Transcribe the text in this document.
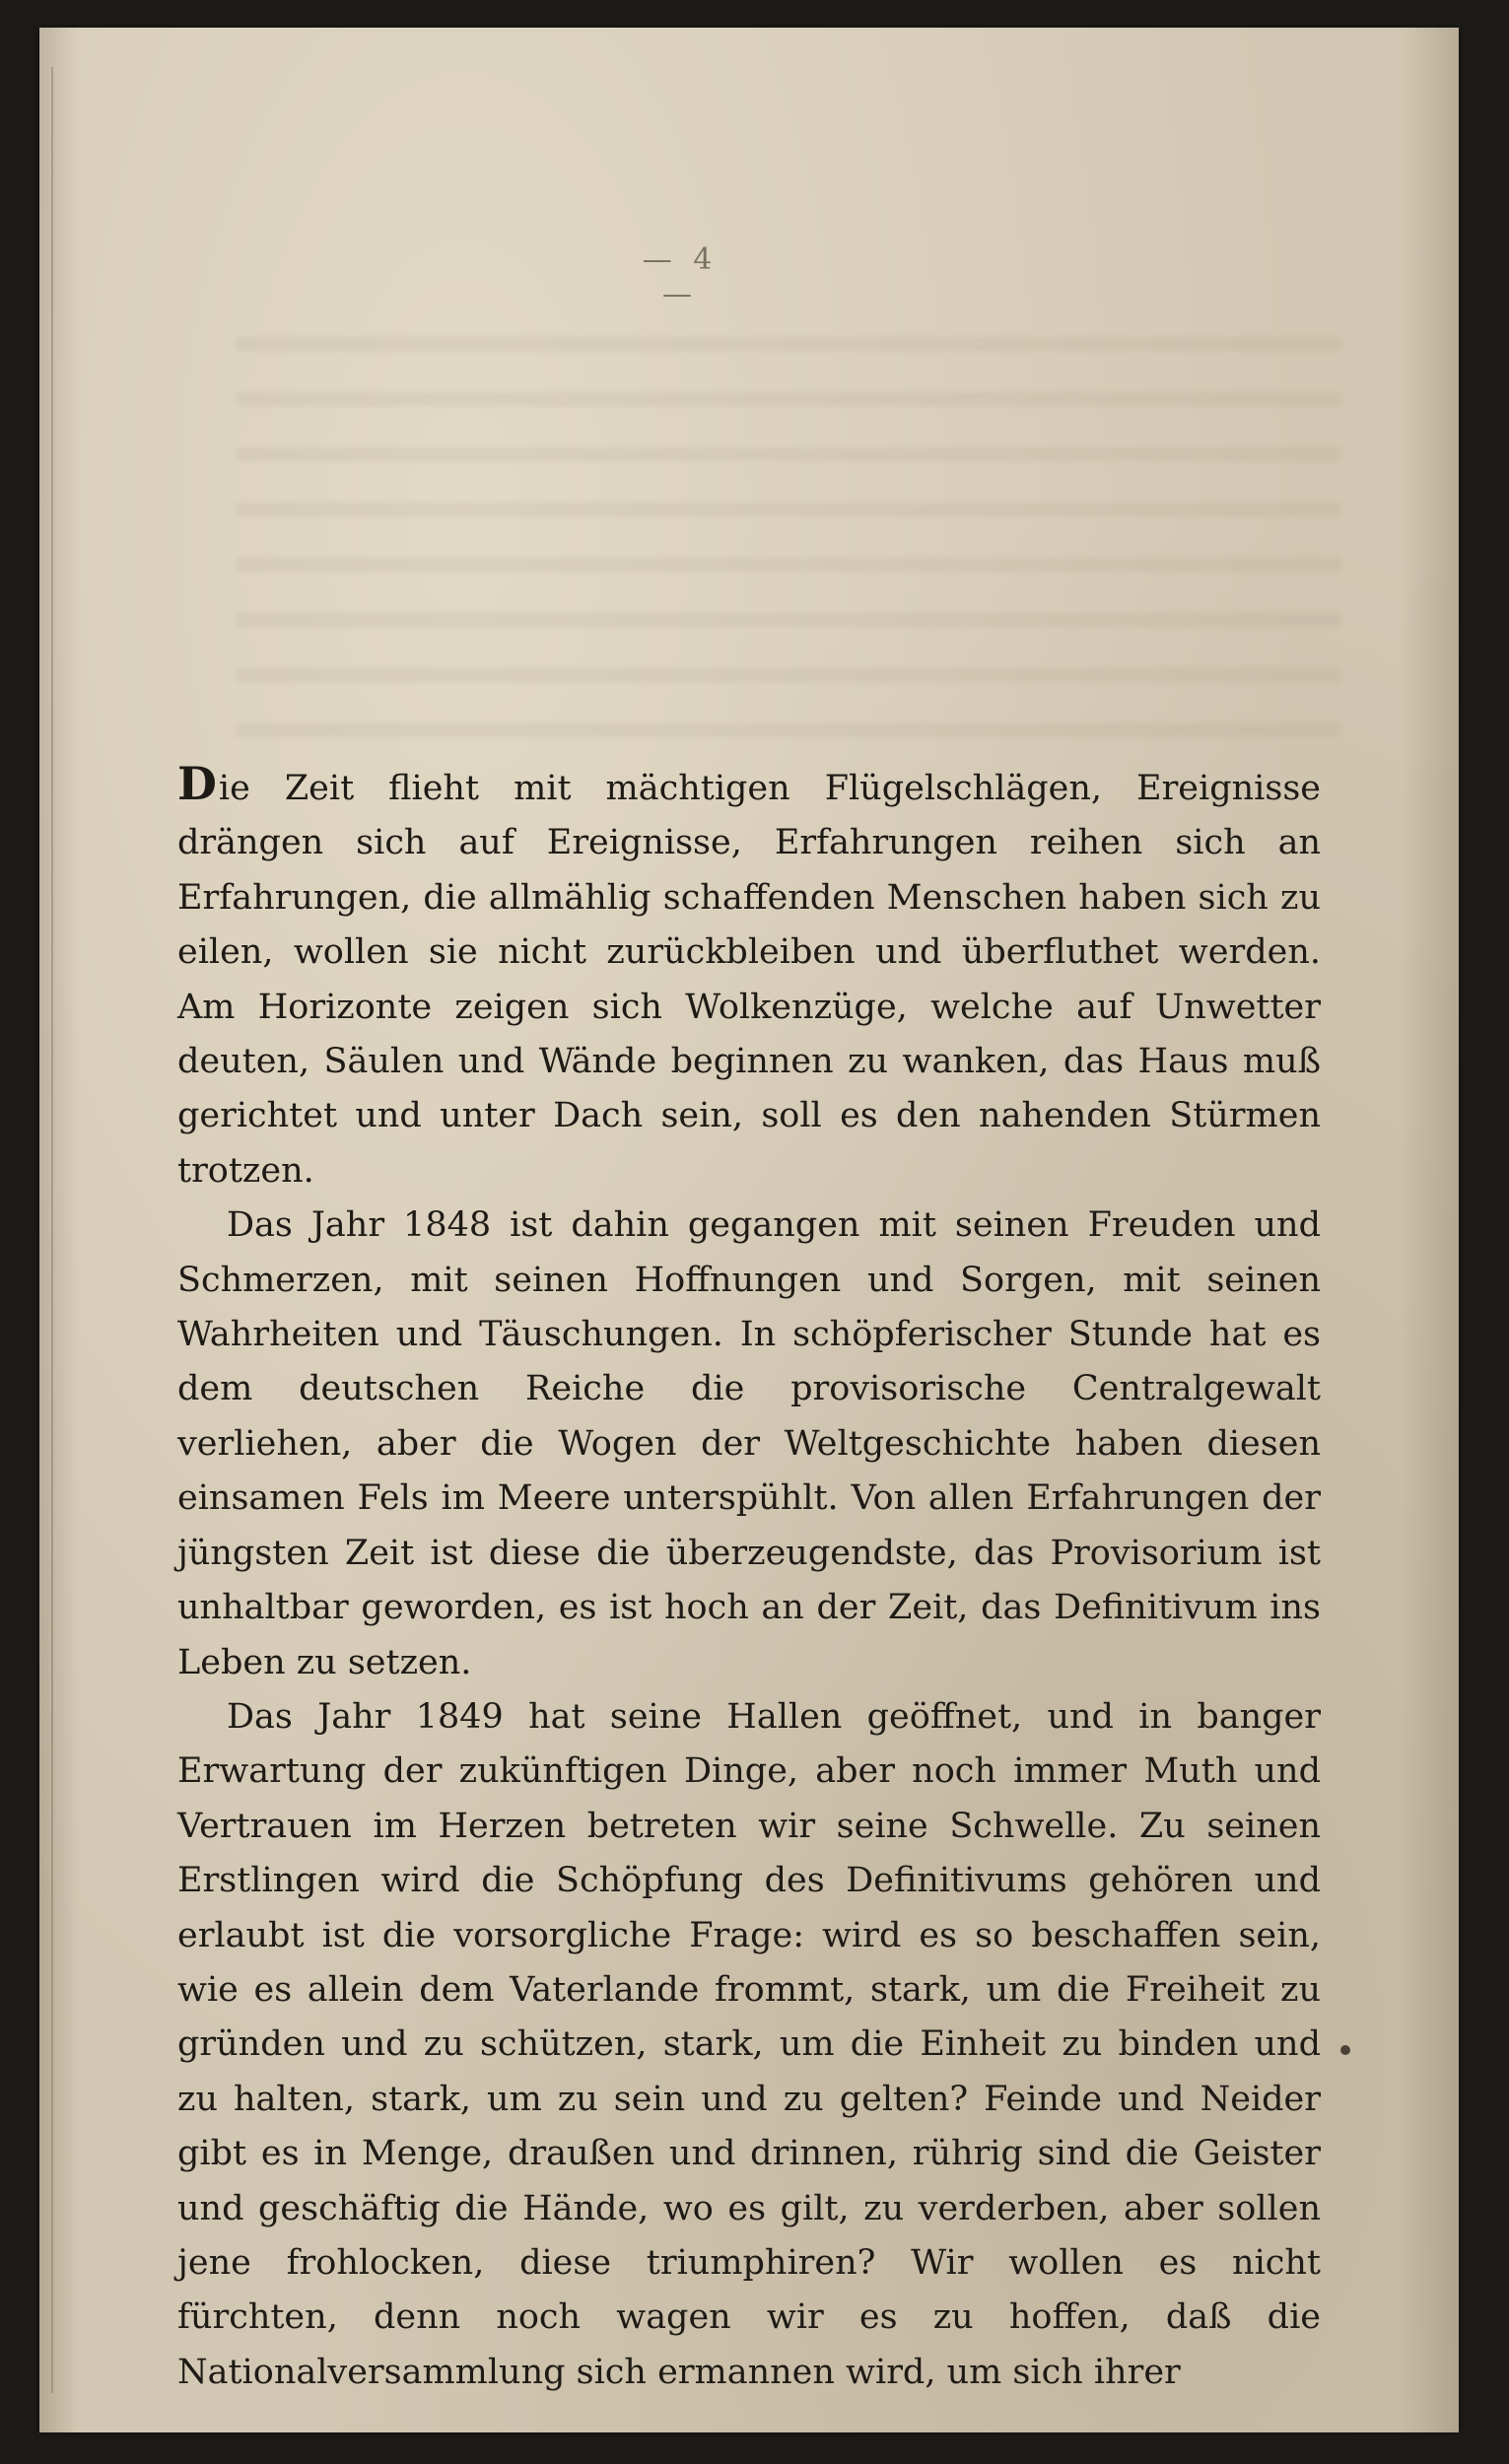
— 4 —

Die Zeit flieht mit mächtigen Flügelschlägen, Ereignisse drängen sich auf Ereignisse, Erfahrungen reihen sich an Erfahrungen, die allmählig schaffenden Menschen haben sich zu eilen, wollen sie nicht zurückbleiben und überfluthet werden. Am Horizonte zeigen sich Wolkenzüge, welche auf Unwetter deuten, Säulen und Wände beginnen zu wanken, das Haus muß gerichtet und unter Dach sein, soll es den nahenden Stürmen trotzen.

Das Jahr 1848 ist dahin gegangen mit seinen Freuden und Schmerzen, mit seinen Hoffnungen und Sorgen, mit seinen Wahrheiten und Täuschungen. In schöpferischer Stunde hat es dem deutschen Reiche die provisorische Centralgewalt verliehen, aber die Wogen der Weltgeschichte haben diesen einsamen Fels im Meere unterspühlt. Von allen Erfahrungen der jüngsten Zeit ist diese die überzeugendste, das Provisorium ist unhaltbar geworden, es ist hoch an der Zeit, das Definitivum ins Leben zu setzen.

Das Jahr 1849 hat seine Hallen geöffnet, und in banger Erwartung der zukünftigen Dinge, aber noch immer Muth und Vertrauen im Herzen betreten wir seine Schwelle. Zu seinen Erstlingen wird die Schöpfung des Definitivums gehören und erlaubt ist die vorsorgliche Frage: wird es so beschaffen sein, wie es allein dem Vaterlande frommt, stark, um die Freiheit zu gründen und zu schützen, stark, um die Einheit zu binden und zu halten, stark, um zu sein und zu gelten? Feinde und Neider gibt es in Menge, draußen und drinnen, rührig sind die Geister und geschäftig die Hände, wo es gilt, zu verderben, aber sollen jene frohlocken, diese triumphiren? Wir wollen es nicht fürchten, denn noch wagen wir es zu hoffen, daß die Nationalversammlung sich ermannen wird, um sich ihrer
